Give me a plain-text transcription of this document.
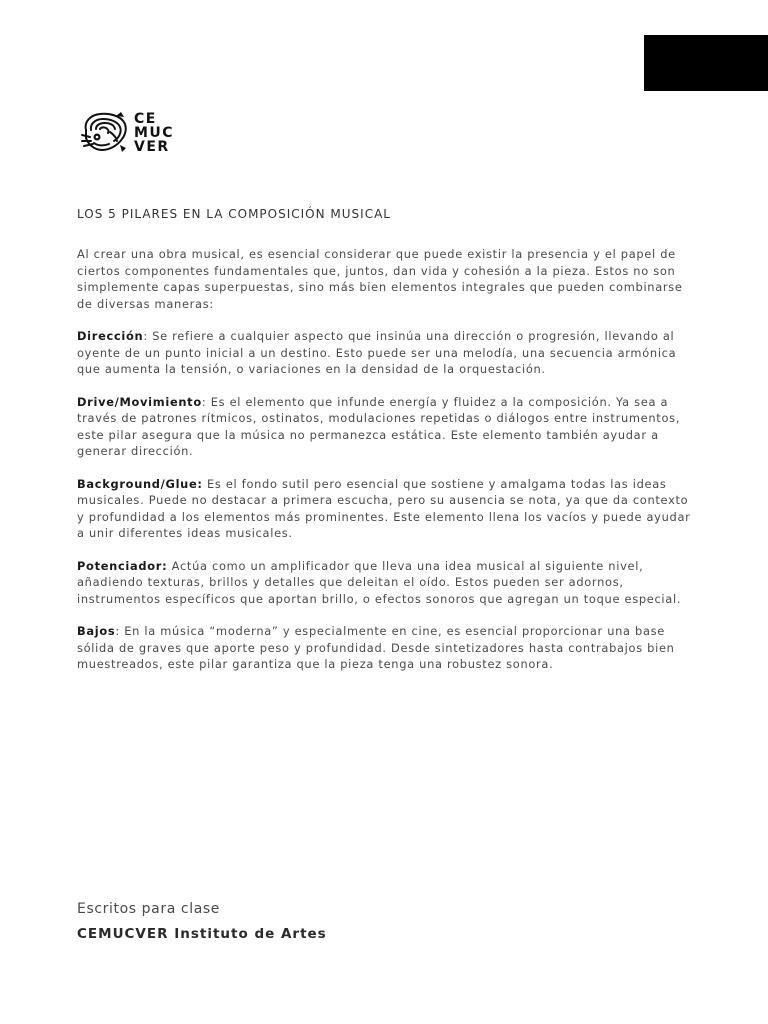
CE
MUC
VER
LOS 5 PILARES EN LA COMPOSICIÓN MUSICAL

Al crear una obra musical, es esencial considerar que puede existir la presencia y el papel de ciertos componentes fundamentales que, juntos, dan vida y cohesión a la pieza. Estos no son simplemente capas superpuestas, sino más bien elementos integrales que pueden combinarse de diversas maneras:

Dirección: Se refiere a cualquier aspecto que insinúa una dirección o progresión, llevando al oyente de un punto inicial a un destino. Esto puede ser una melodía, una secuencia armónica que aumenta la tensión, o variaciones en la densidad de la orquestación.

Drive/Movimiento: Es el elemento que infunde energía y fluidez a la composición. Ya sea a través de patrones rítmicos, ostinatos, modulaciones repetidas o diálogos entre instrumentos, este pilar asegura que la música no permanezca estática. Este elemento también ayudar a generar dirección.

Background/Glue: Es el fondo sutil pero esencial que sostiene y amalgama todas las ideas musicales. Puede no destacar a primera escucha, pero su ausencia se nota, ya que da contexto y profundidad a los elementos más prominentes. Este elemento llena los vacíos y puede ayudar a unir diferentes ideas musicales.

Potenciador: Actúa como un amplificador que lleva una idea musical al siguiente nivel, añadiendo texturas, brillos y detalles que deleitan el oído. Estos pueden ser adornos, instrumentos específicos que aportan brillo, o efectos sonoros que agregan un toque especial.

Bajos: En la música “moderna” y especialmente en cine, es esencial proporcionar una base sólida de graves que aporte peso y profundidad. Desde sintetizadores hasta contrabajos bien muestreados, este pilar garantiza que la pieza tenga una robustez sonora.

Escritos para clase
CEMUCVER Instituto de Artes
